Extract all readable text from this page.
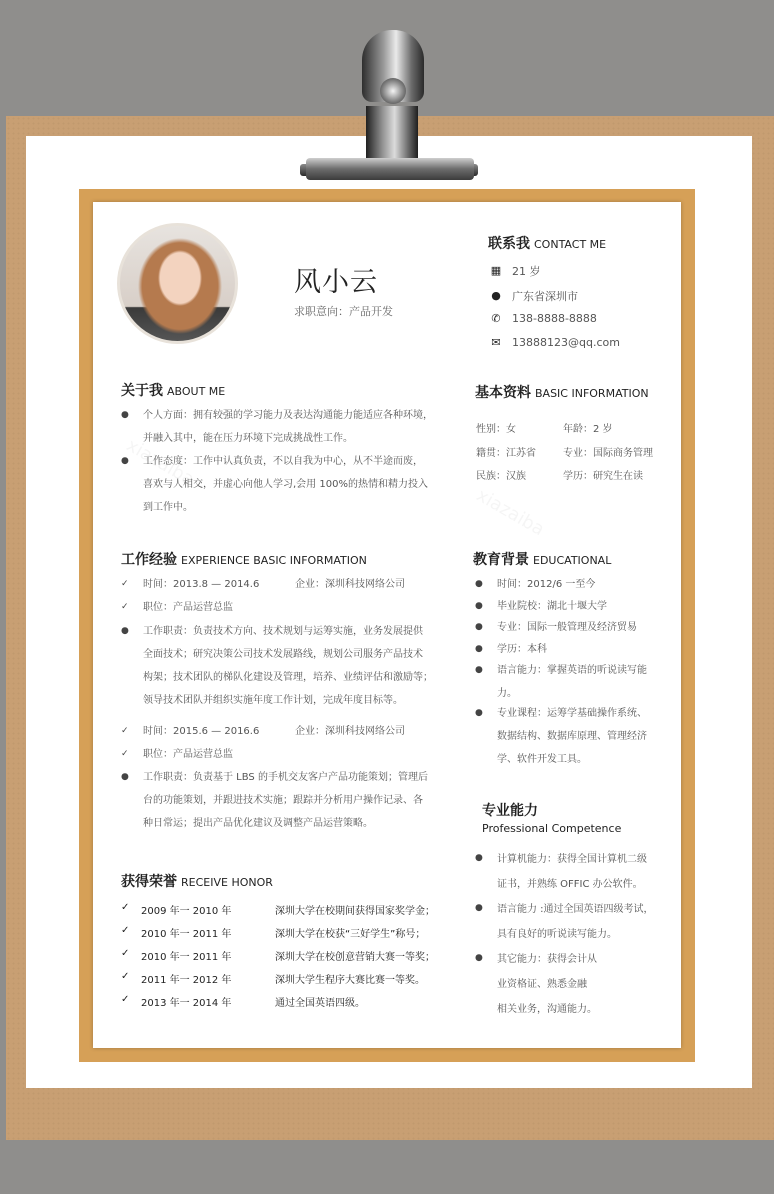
风小云
求职意向：产品开发
联系我 CONTACT ME
▦ 21 岁
● 广东省深圳市
✆ 138-8888-8888
✉ 13888123@qq.com
关于我 ABOUT ME
●	个人方面：拥有较强的学习能力及表达沟通能力能适应各种环境，
并融入其中，能在压力环境下完成挑战性工作。
●	工作态度：工作中认真负责，不以自我为中心，从不半途而废，
喜欢与人相交，并虚心向他人学习,会用 100%的热情和精力投入
到工作中。
基本资料 BASIC INFORMATION
性别：女	年龄：2 岁
籍贯：江苏省	专业：国际商务管理
民族：汉族	学历：研究生在读
工作经验 EXPERIENCE BASIC INFORMATION
✓	时间：2013.8 — 2014.6	企业：深圳科技网络公司
✓	职位：产品运营总监
●	工作职责：负责技术方向、技术规划与运筹实施，业务发展提供
全面技术；研究决策公司技术发展路线，规划公司服务产品技术
构架；技术团队的梯队化建设及管理，培养、业绩评估和激励等；
领导技术团队并组织实施年度工作计划，完成年度目标等。
✓	时间：2015.6 — 2016.6	企业：深圳科技网络公司
✓	职位：产品运营总监
●	工作职责：负责基于 LBS 的手机交友客户产品功能策划；管理后
台的功能策划，并跟进技术实施；跟踪并分析用户操作记录、各
种日常运；提出产品优化建议及调整产品运营策略。
教育背景 EDUCATIONAL
●	时间：2012/6 一至今
●	毕业院校：湖北十堰大学
●	专业：国际一般管理及经济贸易
●	学历：本科
●	语言能力：掌握英语的听说读写能
力。
●	专业课程：运筹学基础操作系统、
数据结构、数据库原理、管理经济
学、软件开发工具。
专业能力
Professional Competence
●	计算机能力：获得全国计算机二级
证书，并熟练 OFFIC 办公软件。
●	语言能力 :通过全国英语四级考试，
具有良好的听说读写能力。
●	其它能力：获得会计从
业资格证、熟悉金融
相关业务，沟通能力。
获得荣誉 RECEIVE HONOR
✓	2009 年一 2010 年	深圳大学在校期间获得国家奖学金；
✓	2010 年一 2011 年	深圳大学在校获“三好学生”称号；
✓	2010 年一 2011 年	深圳大学在校创意营销大赛一等奖；
✓	2011 年一 2012 年	深圳大学生程序大赛比赛一等奖。
✓	2013 年一 2014 年	通过全国英语四级。
